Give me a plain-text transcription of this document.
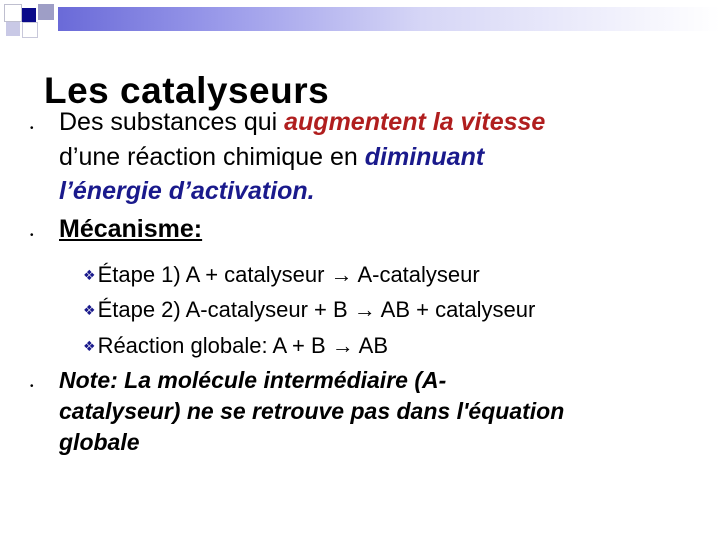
Les catalyseurs
• Des substances qui augmentent la vitesse
d’une réaction chimique en diminuant
l’énergie d’activation.
• Mécanisme:
❖Étape 1) A + catalyseur → A-catalyseur
❖Étape 2) A-catalyseur + B → AB + catalyseur
❖Réaction globale: A + B → AB
• Note: La molécule intermédiaire (A-
catalyseur) ne se retrouve pas dans l'équation
globale
